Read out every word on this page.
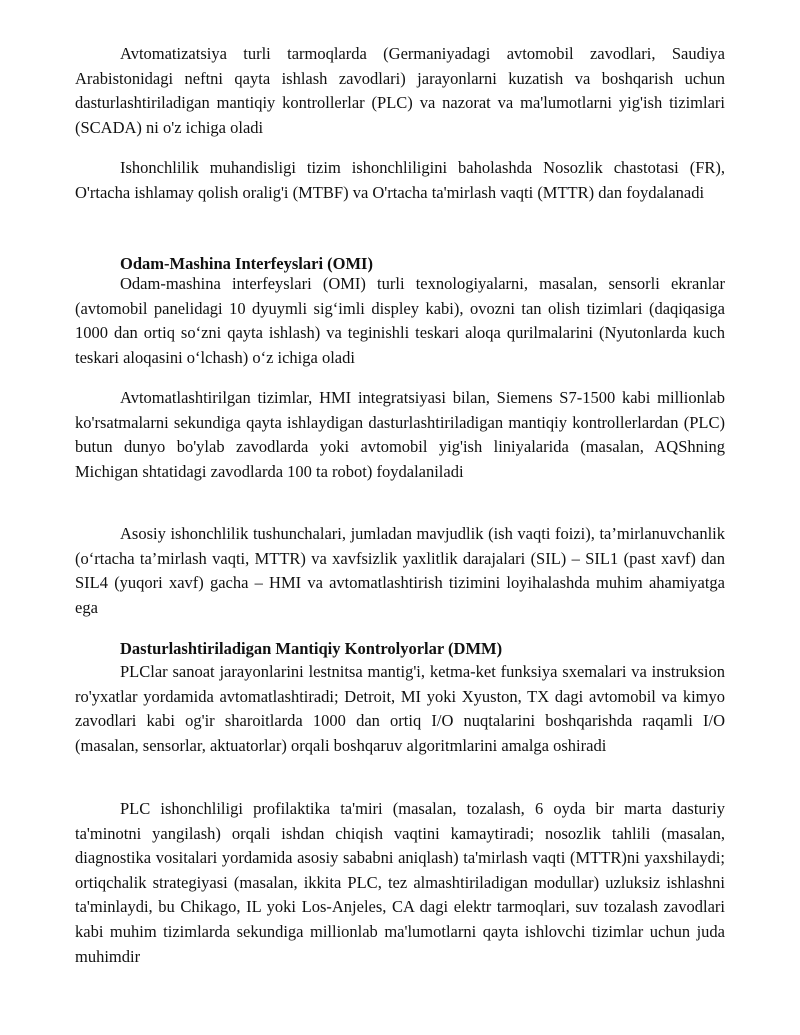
Avtomatizatsiya turli tarmoqlarda (Germaniyadagi avtomobil zavodlari, Saudiya Arabistonidagi neftni qayta ishlash zavodlari) jarayonlarni kuzatish va boshqarish uchun dasturlashtiriladigan mantiqiy kontrollerlar (PLC) va nazorat va ma'lumotlarni yig'ish tizimlari (SCADA) ni o'z ichiga oladi

Ishonchlilik muhandisligi tizim ishonchliligini baholashda Nosozlik chastotasi (FR), O'rtacha ishlamay qolish oralig'i (MTBF) va O'rtacha ta'mirlash vaqti (MTTR) dan foydalanadi

Odam-Mashina Interfeyslari (OMI)

Odam-mashina interfeyslari (OMI) turli texnologiyalarni, masalan, sensorli ekranlar (avtomobil panelidagi 10 dyuymli sig‘imli displey kabi), ovozni tan olish tizimlari (daqiqasiga 1000 dan ortiq so‘zni qayta ishlash) va teginishli teskari aloqa qurilmalarini (Nyutonlarda kuch teskari aloqasini o‘lchash) o‘z ichiga oladi

Avtomatlashtirilgan tizimlar, HMI integratsiyasi bilan, Siemens S7-1500 kabi millionlab ko'rsatmalarni sekundiga qayta ishlaydigan dasturlashtiriladigan mantiqiy kontrollerlardan (PLC) butun dunyo bo'ylab zavodlarda yoki avtomobil yig'ish liniyalarida (masalan, AQShning Michigan shtatidagi zavodlarda 100 ta robot) foydalaniladi

Asosiy ishonchlilik tushunchalari, jumladan mavjudlik (ish vaqti foizi), ta’mirlanuvchanlik (o‘rtacha ta’mirlash vaqti, MTTR) va xavfsizlik yaxlitlik darajalari (SIL) – SIL1 (past xavf) dan SIL4 (yuqori xavf) gacha – HMI va avtomatlashtirish tizimini loyihalashda muhim ahamiyatga ega

Dasturlashtiriladigan Mantiqiy Kontrolyorlar (DMM)

PLClar sanoat jarayonlarini lestnitsa mantig'i, ketma-ket funksiya sxemalari va instruksion ro'yxatlar yordamida avtomatlashtiradi; Detroit, MI yoki Xyuston, TX dagi avtomobil va kimyo zavodlari kabi og'ir sharoitlarda 1000 dan ortiq I/O nuqtalarini boshqarishda raqamli I/O (masalan, sensorlar, aktuatorlar) orqali boshqaruv algoritmlarini amalga oshiradi

PLC ishonchliligi profilaktika ta'miri (masalan, tozalash, 6 oyda bir marta dasturiy ta'minotni yangilash) orqali ishdan chiqish vaqtini kamaytiradi; nosozlik tahlili (masalan, diagnostika vositalari yordamida asosiy sababni aniqlash) ta'mirlash vaqti (MTTR)ni yaxshilaydi; ortiqchalik strategiyasi (masalan, ikkita PLC, tez almashtiriladigan modullar) uzluksiz ishlashni ta'minlaydi, bu Chikago, IL yoki Los-Anjeles, CA dagi elektr tarmoqlari, suv tozalash zavodlari kabi muhim tizimlarda sekundiga millionlab ma'lumotlarni qayta ishlovchi tizimlar uchun juda muhimdir
